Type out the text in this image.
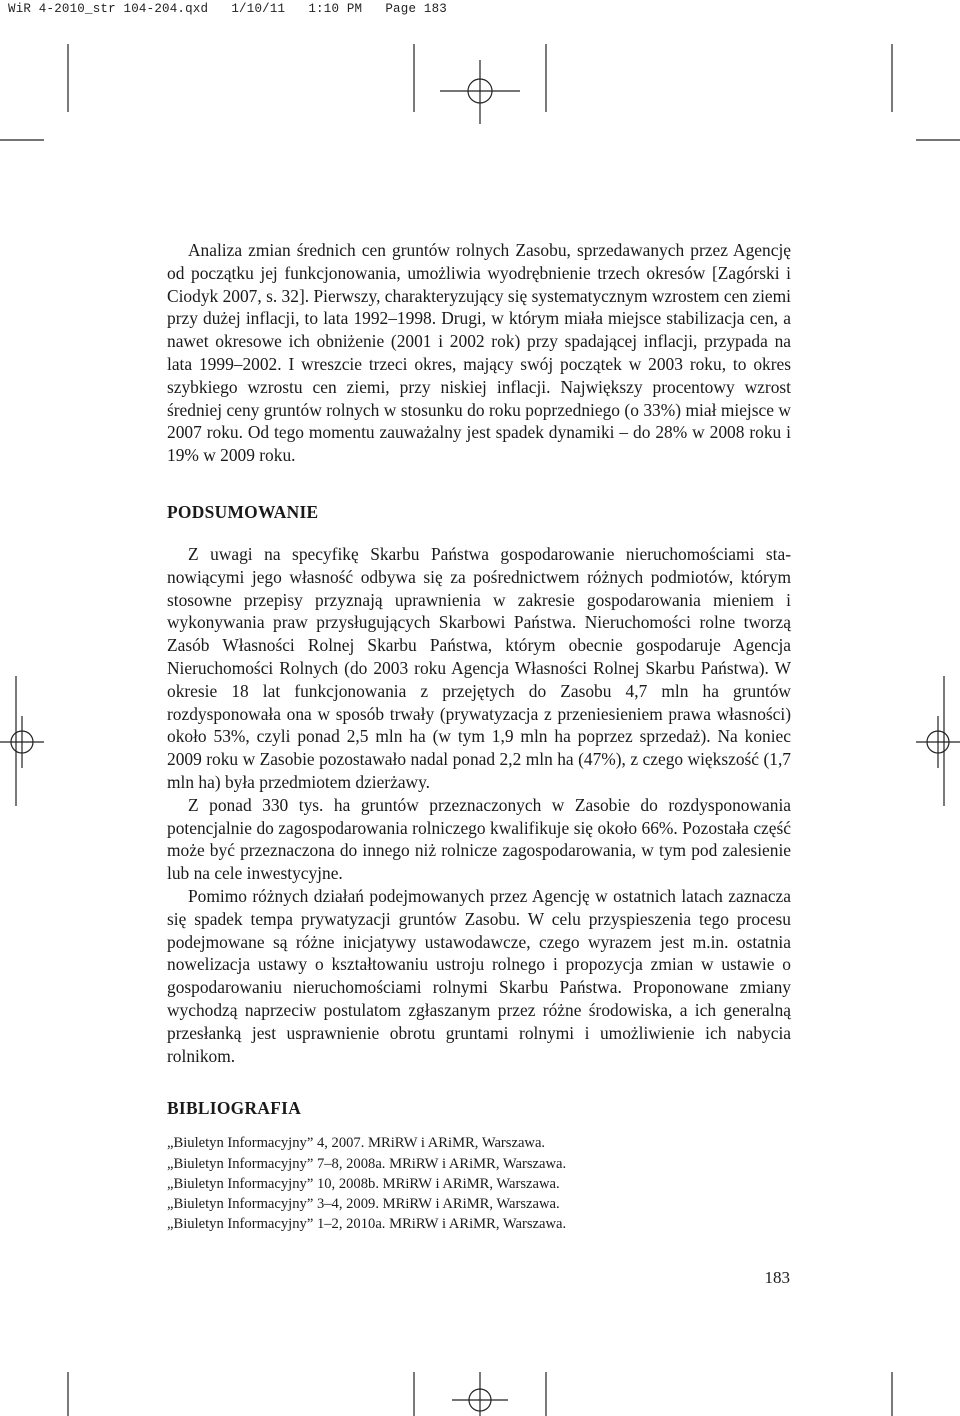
WiR 4-2010_str 104-204.qxd   1/10/11   1:10 PM   Page 183

Analiza zmian średnich cen gruntów rolnych Zasobu, sprzedawanych przez Agencję od początku jej funkcjonowania, umożliwia wyodrębnienie trzech okresów [Zagórski i Ciodyk 2007, s. 32]. Pierwszy, charakteryzujący się systematycznym wzrostem cen ziemi przy dużej inflacji, to lata 1992–1998. Drugi, w którym miała miejsce stabilizacja cen, a nawet okresowe ich obniżenie (2001 i 2002 rok) przy spadającej inflacji, przypada na lata 1999–2002. I wreszcie trzeci okres, mający swój początek w 2003 roku, to okres szybkiego wzrostu cen ziemi, przy niskiej inflacji. Największy procentowy wzrost średniej ceny gruntów rolnych w stosunku do roku poprzedniego (o 33%) miał miejsce w 2007 roku. Od tego momentu zauważalny jest spadek dynamiki – do 28% w 2008 roku i 19% w 2009 roku.

PODSUMOWANIE

Z uwagi na specyfikę Skarbu Państwa gospodarowanie nieruchomościami stanowiącymi jego własność odbywa się za pośrednictwem różnych podmiotów, którym stosowne przepisy przyznają uprawnienia w zakresie gospodarowania mieniem i wykonywania praw przysługujących Skarbowi Państwa. Nieruchomości rolne tworzą Zasób Własności Rolnej Skarbu Państwa, którym obecnie gospodaruje Agencja Nieruchomości Rolnych (do 2003 roku Agencja Własności Rolnej Skarbu Państwa). W okresie 18 lat funkcjonowania z przejętych do Zasobu 4,7 mln ha gruntów rozdysponowała ona w sposób trwały (prywatyzacja z przeniesieniem prawa własności) około 53%, czyli ponad 2,5 mln ha (w tym 1,9 mln ha poprzez sprzedaż). Na koniec 2009 roku w Zasobie pozostawało nadal ponad 2,2 mln ha (47%), z czego większość (1,7 mln ha) była przedmiotem dzierżawy.

Z ponad 330 tys. ha gruntów przeznaczonych w Zasobie do rozdysponowania potencjalnie do zagospodarowania rolniczego kwalifikuje się około 66%. Pozostała część może być przeznaczona do innego niż rolnicze zagospodarowania, w tym pod zalesienie lub na cele inwestycyjne.

Pomimo różnych działań podejmowanych przez Agencję w ostatnich latach zaznacza się spadek tempa prywatyzacji gruntów Zasobu. W celu przyspieszenia tego procesu podejmowane są różne inicjatywy ustawodawcze, czego wyrazem jest m.in. ostatnia nowelizacja ustawy o kształtowaniu ustroju rolnego i propozycja zmian w ustawie o gospodarowaniu nieruchomościami rolnymi Skarbu Państwa. Proponowane zmiany wychodzą naprzeciw postulatom zgłaszanym przez różne środowiska, a ich generalną przesłanką jest usprawnienie obrotu gruntami rolnymi i umożliwienie ich nabycia rolnikom.

BIBLIOGRAFIA
„Biuletyn Informacyjny” 4, 2007. MRiRW i ARiMR, Warszawa.
„Biuletyn Informacyjny” 7–8, 2008a. MRiRW i ARiMR, Warszawa.
„Biuletyn Informacyjny” 10, 2008b. MRiRW i ARiMR, Warszawa.
„Biuletyn Informacyjny” 3–4, 2009. MRiRW i ARiMR, Warszawa.
„Biuletyn Informacyjny” 1–2, 2010a. MRiRW i ARiMR, Warszawa.
183
